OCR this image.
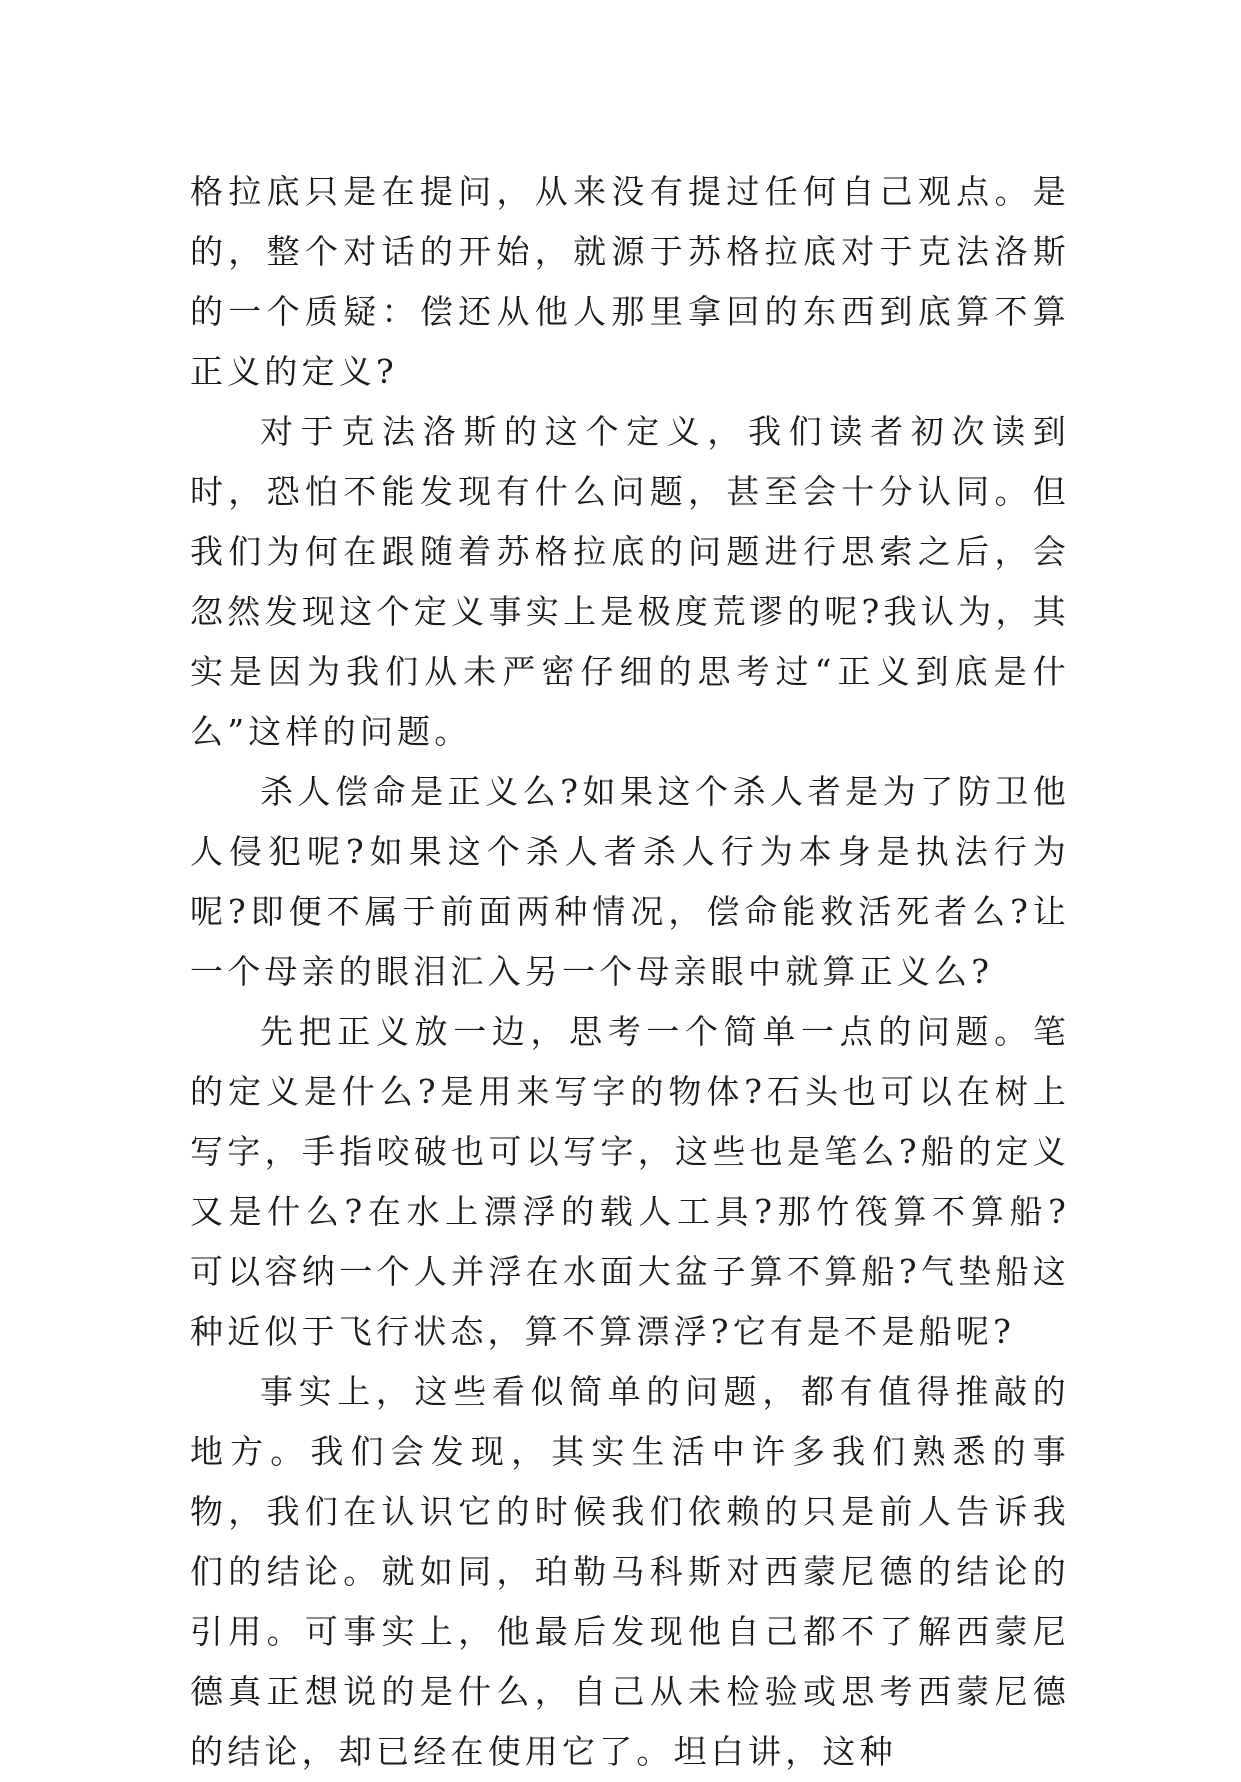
格拉底只是在提问，从来没有提过任何自己观点。是的，整个对话的开始，就源于苏格拉底对于克法洛斯的一个质疑：偿还从他人那里拿回的东西到底算不算正义的定义?

对于克法洛斯的这个定义，我们读者初次读到时，恐怕不能发现有什么问题，甚至会十分认同。但我们为何在跟随着苏格拉底的问题进行思索之后，会忽然发现这个定义事实上是极度荒谬的呢?我认为，其实是因为我们从未严密仔细的思考过“正义到底是什么”这样的问题。

杀人偿命是正义么?如果这个杀人者是为了防卫他人侵犯呢?如果这个杀人者杀人行为本身是执法行为呢?即便不属于前面两种情况，偿命能救活死者么?让一个母亲的眼泪汇入另一个母亲眼中就算正义么?

先把正义放一边，思考一个简单一点的问题。笔的定义是什么?是用来写字的物体?石头也可以在树上写字，手指咬破也可以写字，这些也是笔么?船的定义又是什么?在水上漂浮的载人工具?那竹筏算不算船?可以容纳一个人并浮在水面大盆子算不算船?气垫船这种近似于飞行状态，算不算漂浮?它有是不是船呢?

事实上，这些看似简单的问题，都有值得推敲的地方。我们会发现，其实生活中许多我们熟悉的事物，我们在认识它的时候我们依赖的只是前人告诉我们的结论。就如同，珀勒马科斯对西蒙尼德的结论的引用。可事实上，他最后发现他自己都不了解西蒙尼德真正想说的是什么，自己从未检验或思考西蒙尼德的结论，却已经在使用它了。坦白讲，这种
